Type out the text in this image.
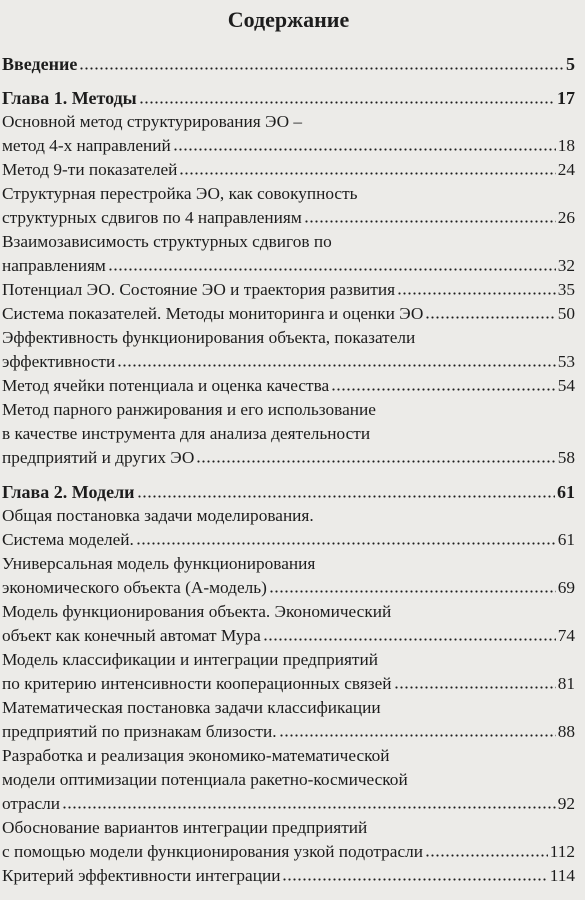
Содержание
Введение	5
Глава 1. Методы	17
Основной метод структурирования ЭО –
метод 4-х направлений	18
Метод 9-ти показателей	24
Структурная перестройка ЭО, как совокупность
структурных сдвигов по 4 направлениям	26
Взаимозависимость структурных сдвигов по
направлениям	32
Потенциал ЭО. Состояние ЭО и траектория развития	35
Система показателей. Методы мониторинга и оценки ЭО	50
Эффективность функционирования объекта, показатели
эффективности	53
Метод ячейки потенциала и оценка качества	54
Метод парного ранжирования и его использование
в качестве инструмента для анализа деятельности
предприятий и других ЭО	58
Глава 2. Модели	61
Общая постановка задачи моделирования.
Система моделей.	61
Универсальная модель функционирования
экономического объекта (А-модель)	69
Модель функционирования объекта. Экономический
объект как конечный автомат Мура	74
Модель классификации и интеграции предприятий
по критерию интенсивности кооперационных связей	81
Математическая постановка задачи классификации
предприятий по признакам близости.	88
Разработка и реализация экономико-математической
модели оптимизации потенциала ракетно-космической
отрасли	92
Обоснование вариантов интеграции предприятий
с помощью модели функционирования узкой подотрасли	112
Критерий эффективности интеграции	114
